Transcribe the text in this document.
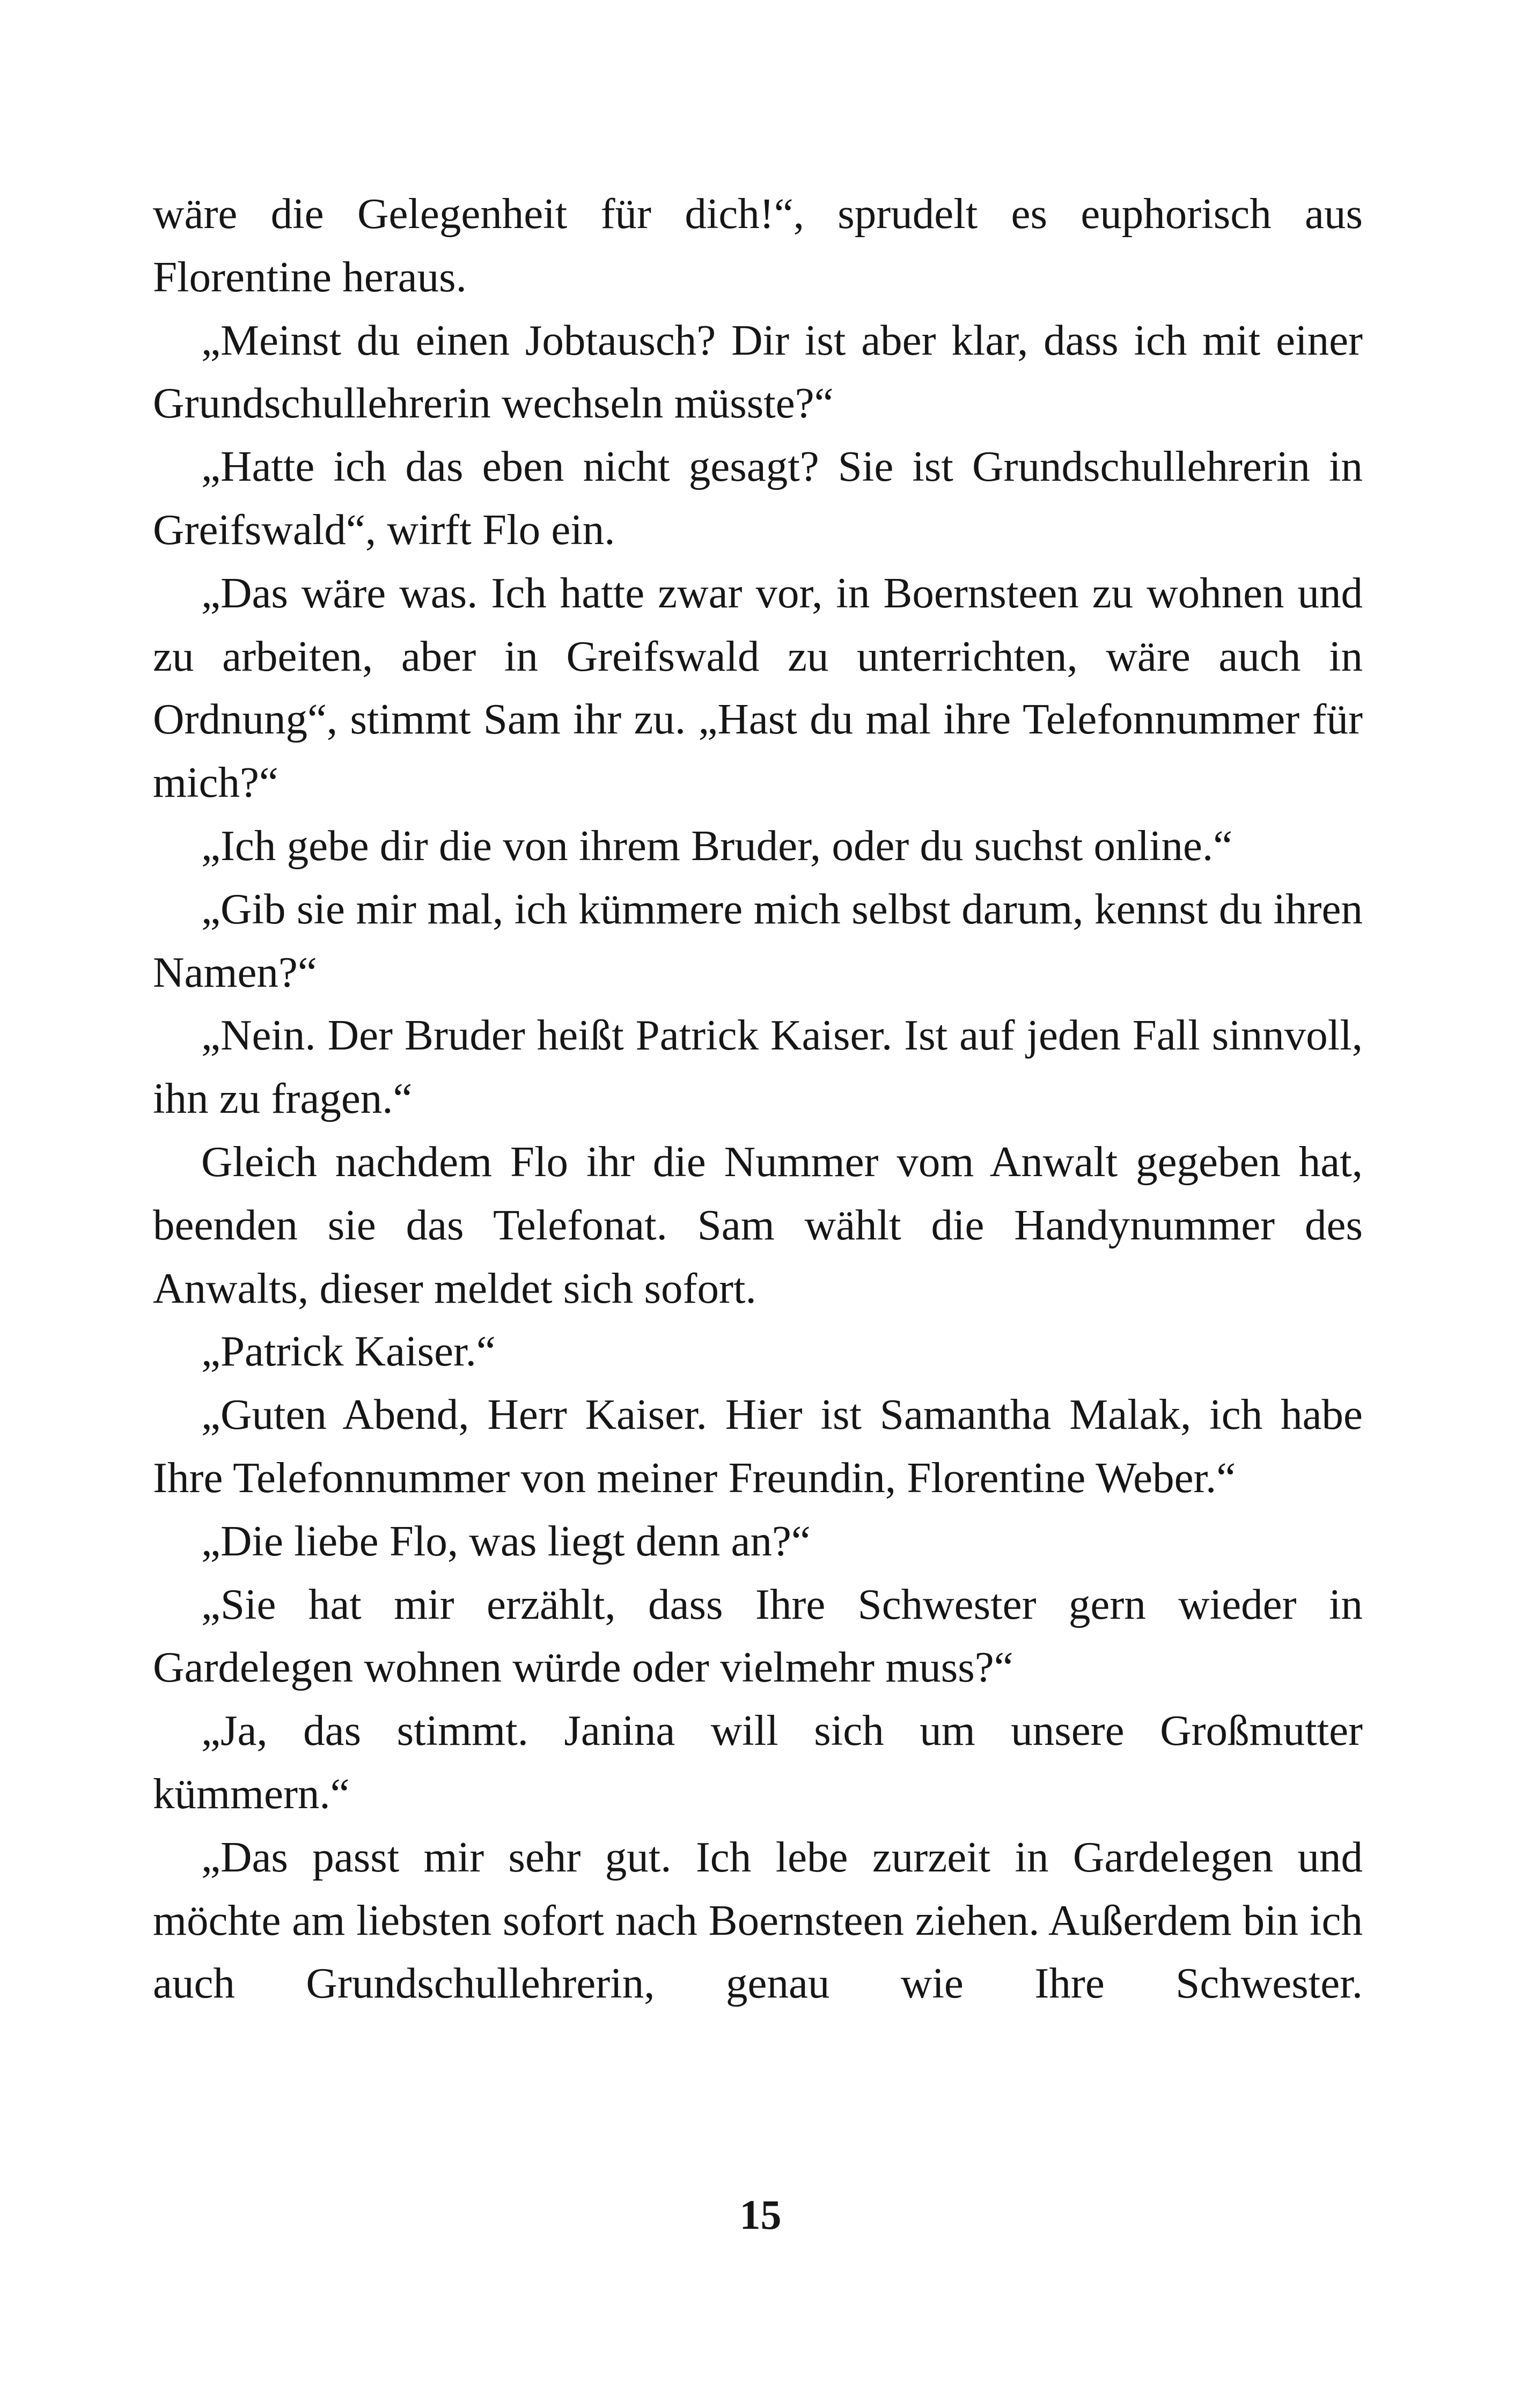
wäre die Gelegenheit für dich!“, sprudelt es euphorisch aus Florentine heraus.

„Meinst du einen Jobtausch? Dir ist aber klar, dass ich mit einer Grundschullehrerin wechseln müsste?“

„Hatte ich das eben nicht gesagt? Sie ist Grundschullehrerin in Greifswald“, wirft Flo ein.

„Das wäre was. Ich hatte zwar vor, in Boernsteen zu wohnen und zu arbeiten, aber in Greifswald zu unterrichten, wäre auch in Ordnung“, stimmt Sam ihr zu. „Hast du mal ihre Telefonnummer für mich?“

„Ich gebe dir die von ihrem Bruder, oder du suchst online.“

„Gib sie mir mal, ich kümmere mich selbst darum, kennst du ihren Namen?“

„Nein. Der Bruder heißt Patrick Kaiser. Ist auf jeden Fall sinnvoll, ihn zu fragen.“

Gleich nachdem Flo ihr die Nummer vom Anwalt gegeben hat, beenden sie das Telefonat. Sam wählt die Handynummer des Anwalts, dieser meldet sich sofort.

„Patrick Kaiser.“

„Guten Abend, Herr Kaiser. Hier ist Samantha Malak, ich habe Ihre Telefonnummer von meiner Freundin, Florentine Weber.“

„Die liebe Flo, was liegt denn an?“

„Sie hat mir erzählt, dass Ihre Schwester gern wieder in Gardelegen wohnen würde oder vielmehr muss?“

„Ja, das stimmt. Janina will sich um unsere Großmutter kümmern.“

„Das passt mir sehr gut. Ich lebe zurzeit in Gardelegen und möchte am liebsten sofort nach Boernsteen ziehen. Außerdem bin ich auch Grundschullehrerin, genau wie Ihre Schwester.

15
